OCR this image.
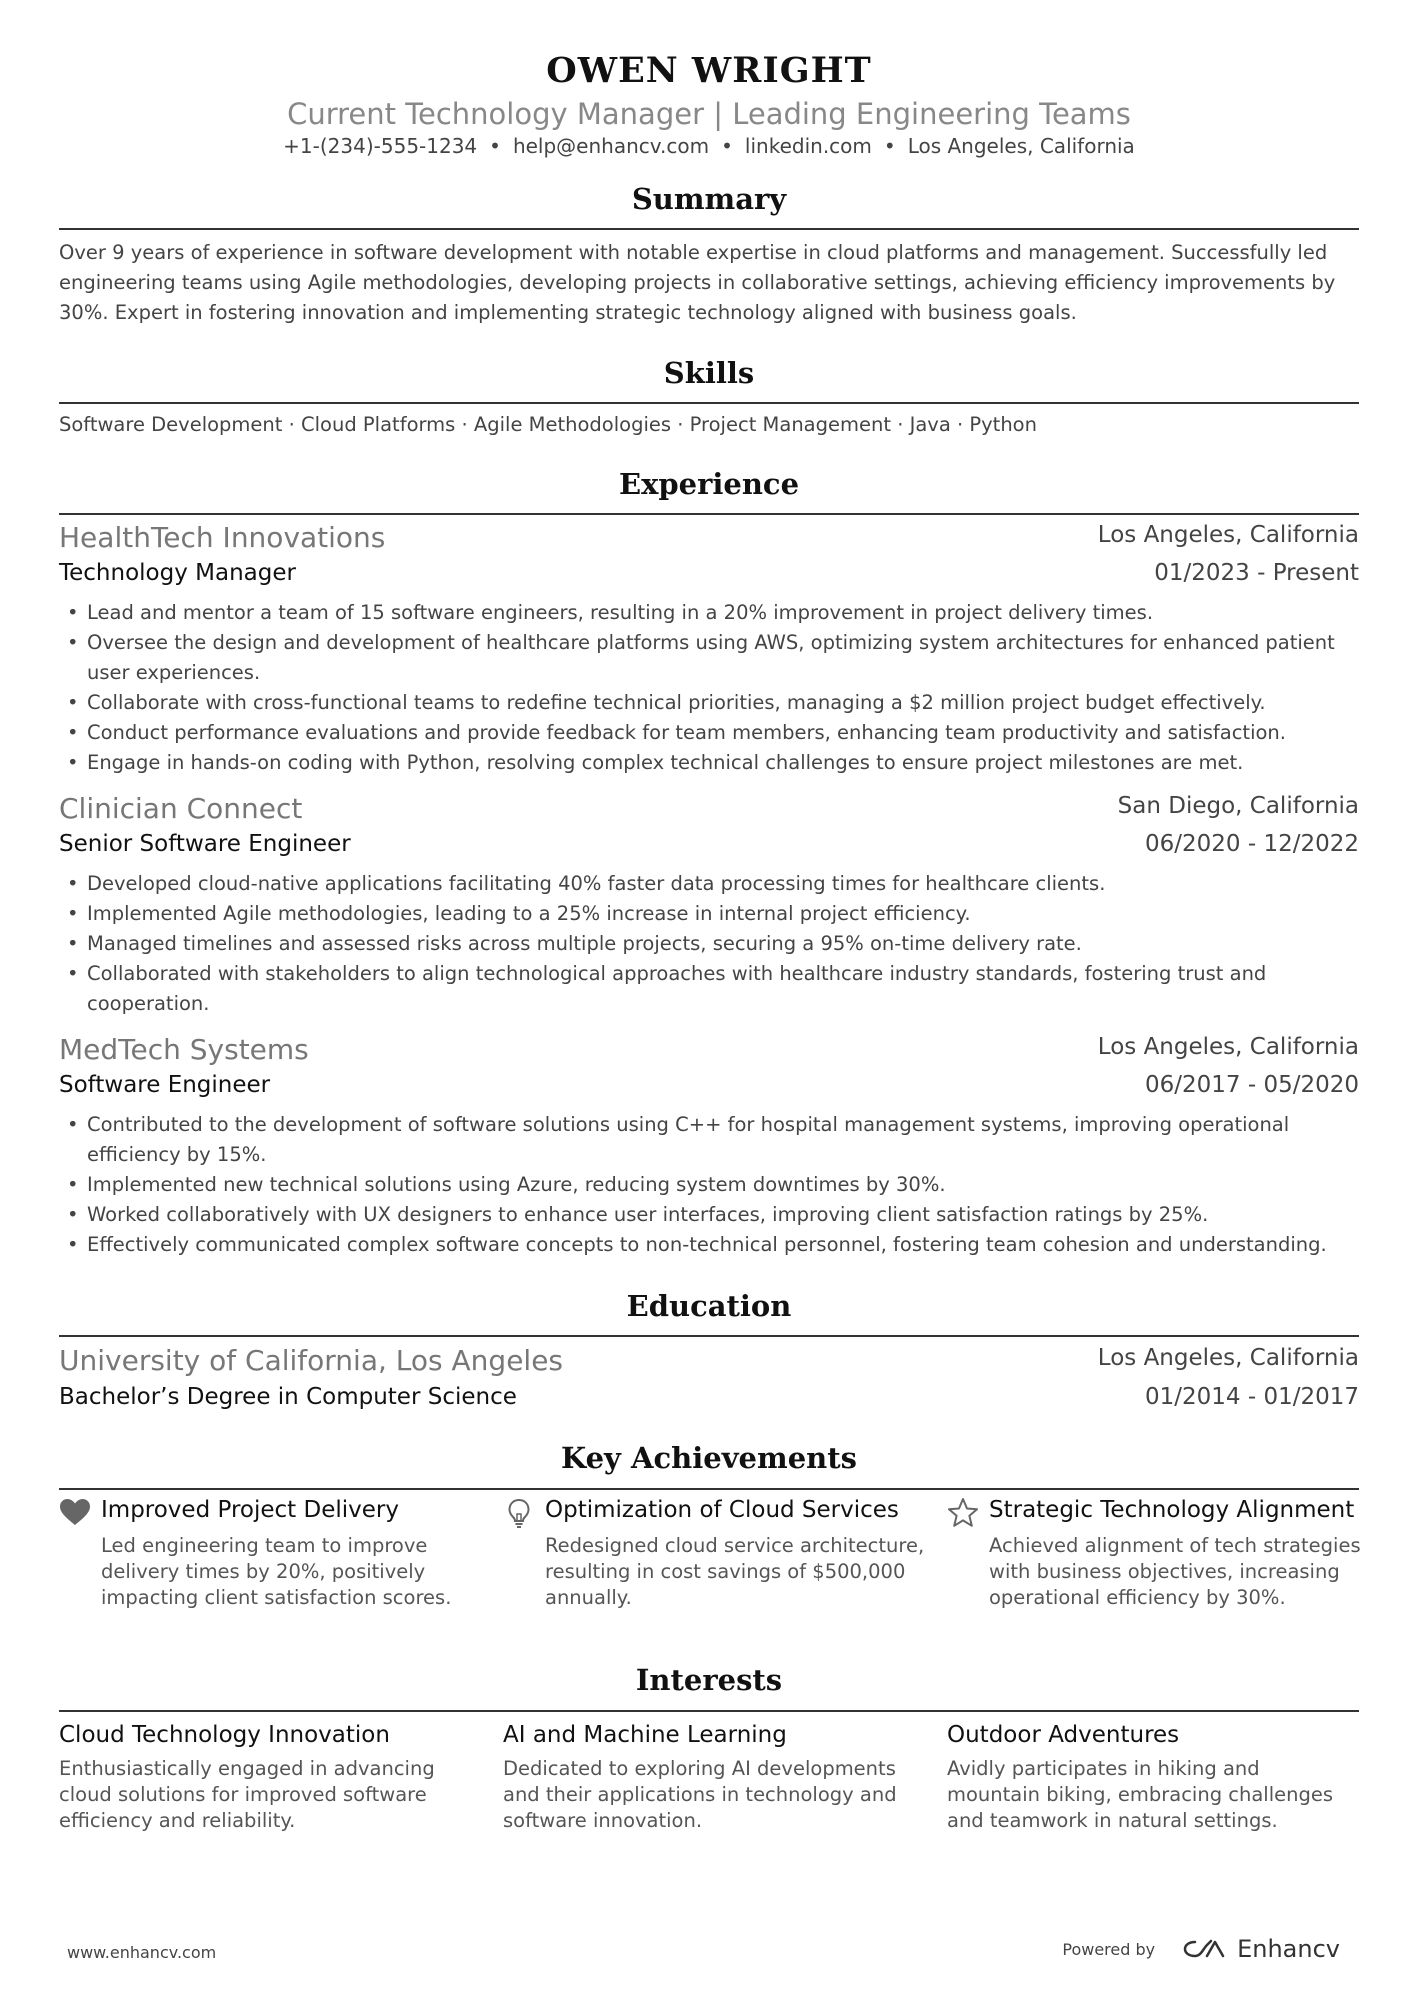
OWEN WRIGHT
Current Technology Manager | Leading Engineering Teams
+1-(234)-555-1234 • help@enhancv.com • linkedin.com • Los Angeles, California
Summary
Over 9 years of experience in software development with notable expertise in cloud platforms and management. Successfully led engineering teams using Agile methodologies, developing projects in collaborative settings, achieving efficiency improvements by 30%. Expert in fostering innovation and implementing strategic technology aligned with business goals.
Skills
Software Development · Cloud Platforms · Agile Methodologies · Project Management · Java · Python
Experience
HealthTech Innovations	Los Angeles, California
Technology Manager	01/2023 - Present
• Lead and mentor a team of 15 software engineers, resulting in a 20% improvement in project delivery times.
• Oversee the design and development of healthcare platforms using AWS, optimizing system architectures for enhanced patient user experiences.
• Collaborate with cross-functional teams to redefine technical priorities, managing a $2 million project budget effectively.
• Conduct performance evaluations and provide feedback for team members, enhancing team productivity and satisfaction.
• Engage in hands-on coding with Python, resolving complex technical challenges to ensure project milestones are met.
Clinician Connect	San Diego, California
Senior Software Engineer	06/2020 - 12/2022
• Developed cloud-native applications facilitating 40% faster data processing times for healthcare clients.
• Implemented Agile methodologies, leading to a 25% increase in internal project efficiency.
• Managed timelines and assessed risks across multiple projects, securing a 95% on-time delivery rate.
• Collaborated with stakeholders to align technological approaches with healthcare industry standards, fostering trust and cooperation.
MedTech Systems	Los Angeles, California
Software Engineer	06/2017 - 05/2020
• Contributed to the development of software solutions using C++ for hospital management systems, improving operational efficiency by 15%.
• Implemented new technical solutions using Azure, reducing system downtimes by 30%.
• Worked collaboratively with UX designers to enhance user interfaces, improving client satisfaction ratings by 25%.
• Effectively communicated complex software concepts to non-technical personnel, fostering team cohesion and understanding.
Education
University of California, Los Angeles	Los Angeles, California
Bachelor’s Degree in Computer Science	01/2014 - 01/2017
Key Achievements
Improved Project Delivery
Led engineering team to improve delivery times by 20%, positively impacting client satisfaction scores.
Optimization of Cloud Services
Redesigned cloud service architecture, resulting in cost savings of $500,000 annually.
Strategic Technology Alignment
Achieved alignment of tech strategies with business objectives, increasing operational efficiency by 30%.
Interests
Cloud Technology Innovation
Enthusiastically engaged in advancing cloud solutions for improved software efficiency and reliability.
AI and Machine Learning
Dedicated to exploring AI developments and their applications in technology and software innovation.
Outdoor Adventures
Avidly participates in hiking and mountain biking, embracing challenges and teamwork in natural settings.
www.enhancv.com	Powered by	Enhancv
